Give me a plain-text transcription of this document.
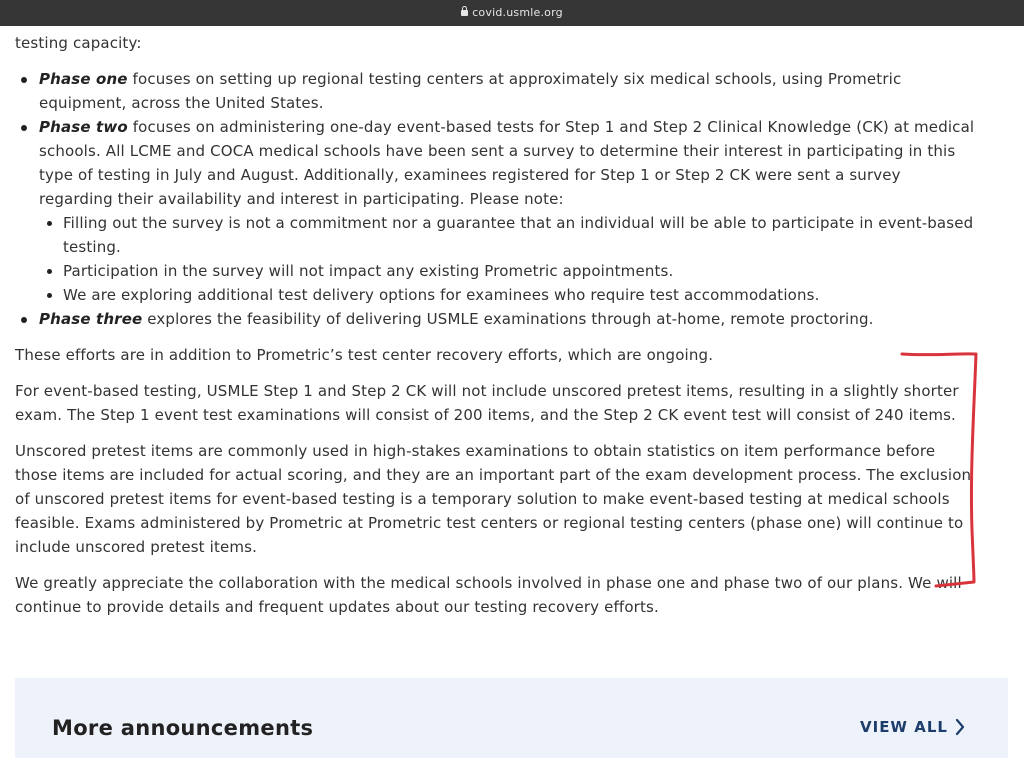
covid.usmle.org

testing capacity:

Phase one focuses on setting up regional testing centers at approximately six medical schools, using Prometric equipment, across the United States.
Phase two focuses on administering one-day event-based tests for Step 1 and Step 2 Clinical Knowledge (CK) at medical schools. All LCME and COCA medical schools have been sent a survey to determine their interest in participating in this type of testing in July and August. Additionally, examinees registered for Step 1 or Step 2 CK were sent a survey regarding their availability and interest in participating. Please note:
Filling out the survey is not a commitment nor a guarantee that an individual will be able to participate in event-based testing.
Participation in the survey will not impact any existing Prometric appointments.
We are exploring additional test delivery options for examinees who require test accommodations.
Phase three explores the feasibility of delivering USMLE examinations through at-home, remote proctoring.

These efforts are in addition to Prometric’s test center recovery efforts, which are ongoing.

For event-based testing, USMLE Step 1 and Step 2 CK will not include unscored pretest items, resulting in a slightly shorter exam. The Step 1 event test examinations will consist of 200 items, and the Step 2 CK event test will consist of 240 items.

Unscored pretest items are commonly used in high-stakes examinations to obtain statistics on item performance before those items are included for actual scoring, and they are an important part of the exam development process. The exclusion of unscored pretest items for event-based testing is a temporary solution to make event-based testing at medical schools feasible. Exams administered by Prometric at Prometric test centers or regional testing centers (phase one) will continue to include unscored pretest items.

We greatly appreciate the collaboration with the medical schools involved in phase one and phase two of our plans. We will continue to provide details and frequent updates about our testing recovery efforts.

More announcements	VIEW ALL
